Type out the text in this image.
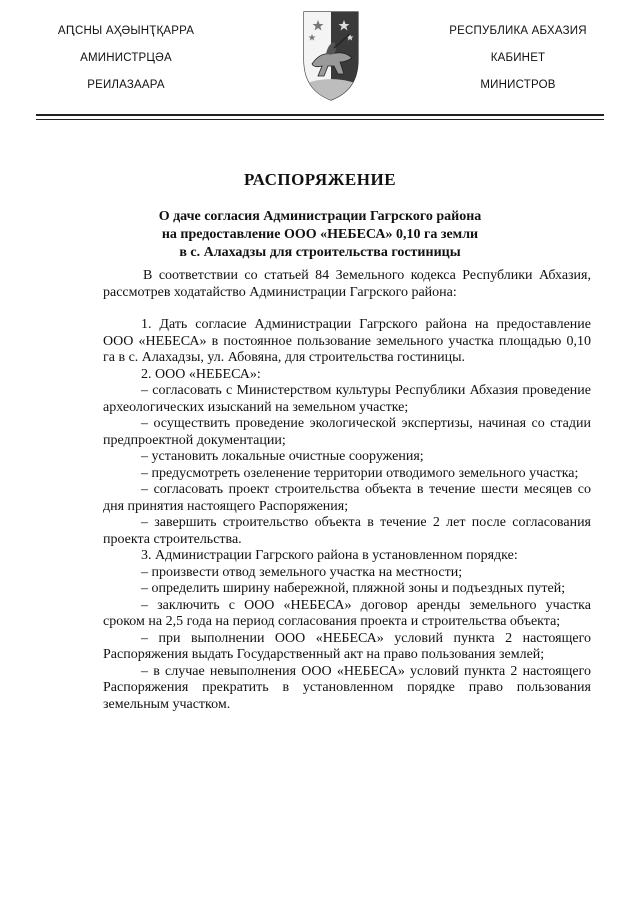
АԤСНЫ АҲӘЫНҬҚАРРА
АМИНИСТРЦӘА
РЕИЛАЗААРА
РЕСПУБЛИКА АБХАЗИЯ
КАБИНЕТ
МИНИСТРОВ
РАСПОРЯЖЕНИЕ
О даче согласия Администрации Гагрского района
на предоставление ООО «НЕБЕСА» 0,10 га земли
в с. Алахадзы для строительства гостиницы

В соответствии со статьей 84 Земельного кодекса Республики Абхазия, рассмотрев ходатайство Администрации Гагрского района:

1. Дать согласие Администрации Гагрского района на предоставление ООО «НЕБЕСА» в постоянное пользование земельного участка площадью 0,10 га в с. Алахадзы, ул. Абовяна, для строительства гостиницы.

2. ООО «НЕБЕСА»:

– согласовать с Министерством культуры Республики Абхазия проведение археологических изысканий на земельном участке;

– осуществить проведение экологической экспертизы, начиная со стадии предпроектной документации;

– установить локальные очистные сооружения;

– предусмотреть озеленение территории отводимого земельного участка;

– согласовать проект строительства объекта в течение шести месяцев со дня принятия настоящего Распоряжения;

– завершить строительство объекта в течение 2 лет после согласования проекта строительства.

3. Администрации Гагрского района в установленном порядке:

– произвести отвод земельного участка на местности;

– определить ширину набережной, пляжной зоны и подъездных путей;

– заключить с ООО «НЕБЕСА» договор аренды земельного участка сроком на 2,5 года на период согласования проекта и строительства объекта;

– при выполнении ООО «НЕБЕСА» условий пункта 2 настоящего Распоряжения выдать Государственный акт на право пользования землей;

– в случае невыполнения ООО «НЕБЕСА» условий пункта 2 настоящего Распоряжения прекратить в установленном порядке право пользования земельным участком.
